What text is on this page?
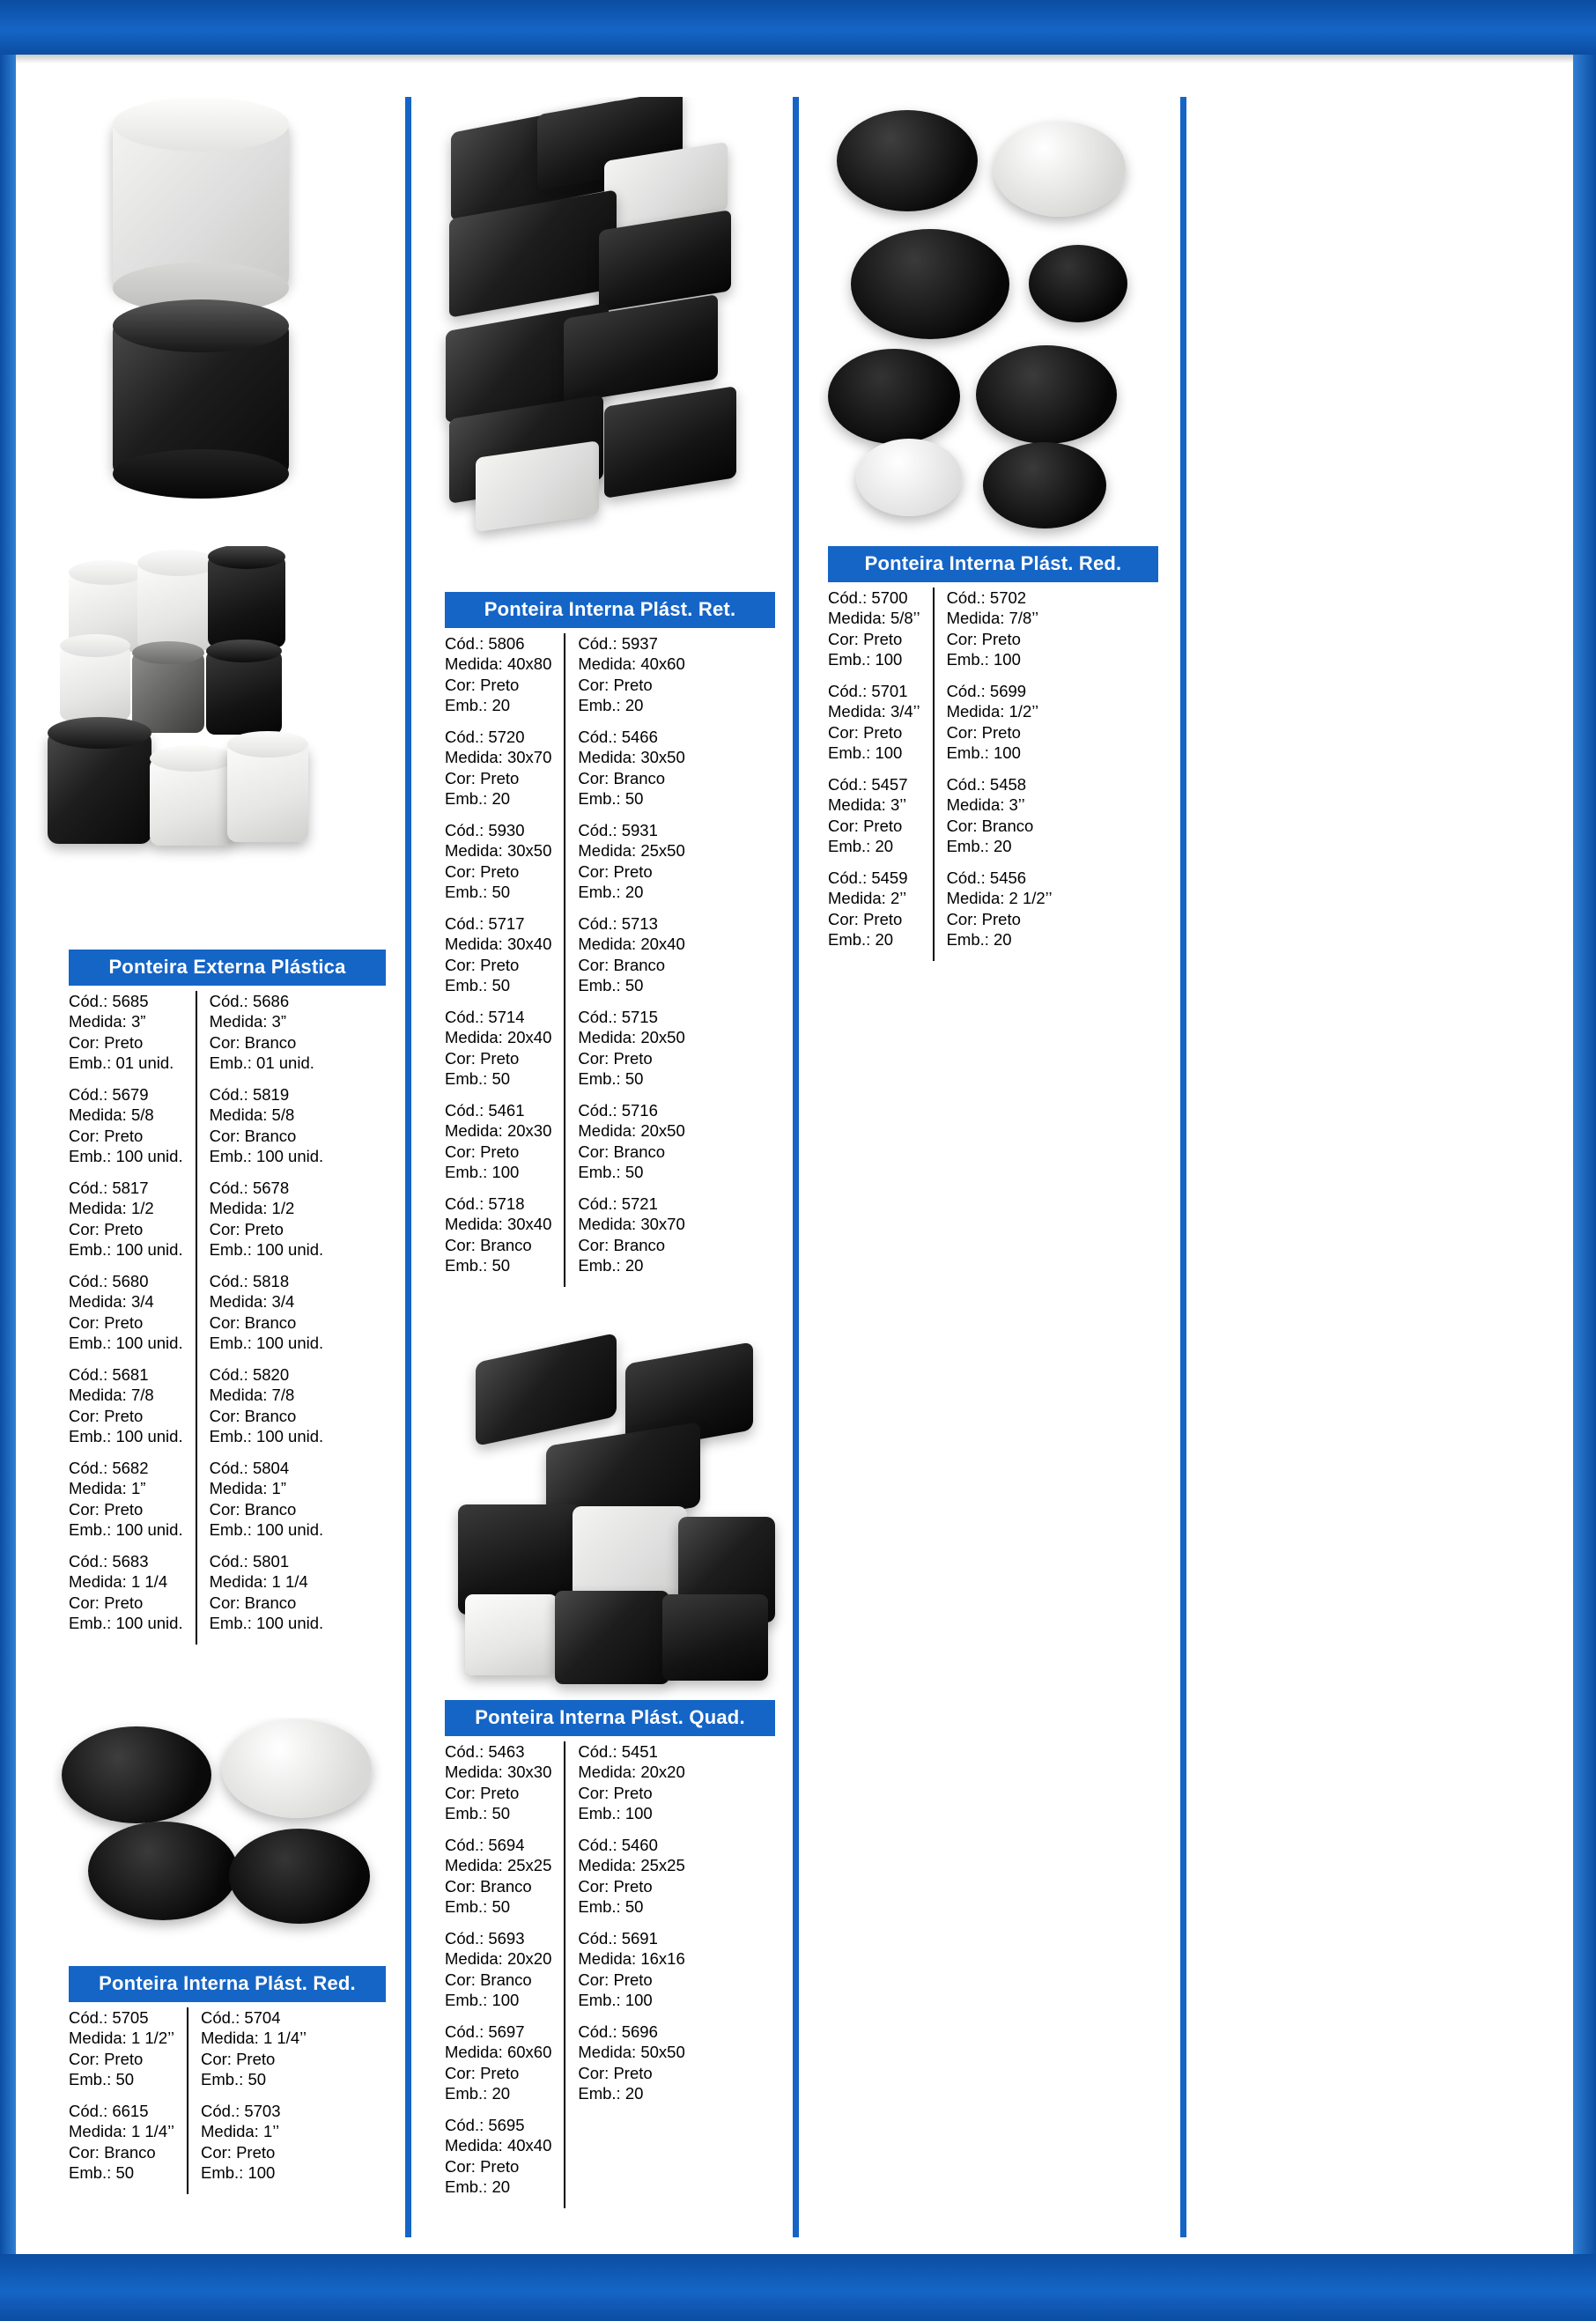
Ponteira Externa Plástica
Cód.: 5685
Medida: 3”
Cor: Preto
Emb.: 01 unid.
Cód.: 5679
Medida: 5/8
Cor: Preto
Emb.: 100 unid.
Cód.: 5817
Medida: 1/2
Cor: Preto
Emb.: 100 unid.
Cód.: 5680
Medida: 3/4
Cor: Preto
Emb.: 100 unid.
Cód.: 5681
Medida: 7/8
Cor: Preto
Emb.: 100 unid.
Cód.: 5682
Medida: 1”
Cor: Preto
Emb.: 100 unid.
Cód.: 5683
Medida: 1 1/4
Cor: Preto
Emb.: 100 unid.
Cód.: 5686
Medida: 3”
Cor: Branco
Emb.: 01 unid.
Cód.: 5819
Medida: 5/8
Cor: Branco
Emb.: 100 unid.
Cód.: 5678
Medida: 1/2
Cor: Preto
Emb.: 100 unid.
Cód.: 5818
Medida: 3/4
Cor: Branco
Emb.: 100 unid.
Cód.: 5820
Medida: 7/8
Cor: Branco
Emb.: 100 unid.
Cód.: 5804
Medida: 1”
Cor: Branco
Emb.: 100 unid.
Cód.: 5801
Medida: 1 1/4
Cor: Branco
Emb.: 100 unid.
Ponteira Interna Plást. Red.
Cód.: 5705
Medida: 1 1/2’’
Cor: Preto
Emb.: 50
Cód.: 6615
Medida: 1 1/4’’
Cor: Branco
Emb.: 50
Cód.: 5704
Medida: 1 1/4’’
Cor: Preto
Emb.: 50
Cód.: 5703
Medida: 1’’
Cor: Preto
Emb.: 100
Ponteira Interna Plást. Ret.
Cód.: 5806
Medida: 40x80
Cor: Preto
Emb.: 20
Cód.: 5720
Medida: 30x70
Cor: Preto
Emb.: 20
Cód.: 5930
Medida: 30x50
Cor: Preto
Emb.: 50
Cód.: 5717
Medida: 30x40
Cor: Preto
Emb.: 50
Cód.: 5714
Medida: 20x40
Cor: Preto
Emb.: 50
Cód.: 5461
Medida: 20x30
Cor: Preto
Emb.: 100
Cód.: 5718
Medida: 30x40
Cor: Branco
Emb.: 50
Cód.: 5937
Medida: 40x60
Cor: Preto
Emb.: 20
Cód.: 5466
Medida: 30x50
Cor: Branco
Emb.: 50
Cód.: 5931
Medida: 25x50
Cor: Preto
Emb.: 20
Cód.: 5713
Medida: 20x40
Cor: Branco
Emb.: 50
Cód.: 5715
Medida: 20x50
Cor: Preto
Emb.: 50
Cód.: 5716
Medida: 20x50
Cor: Branco
Emb.: 50
Cód.: 5721
Medida: 30x70
Cor: Branco
Emb.: 20
Ponteira Interna Plást. Quad.
Cód.: 5463
Medida: 30x30
Cor: Preto
Emb.: 50
Cód.: 5694
Medida: 25x25
Cor: Branco
Emb.: 50
Cód.: 5693
Medida: 20x20
Cor: Branco
Emb.: 100
Cód.: 5697
Medida: 60x60
Cor: Preto
Emb.: 20
Cód.: 5695
Medida: 40x40
Cor: Preto
Emb.: 20
Cód.: 5451
Medida: 20x20
Cor: Preto
Emb.: 100
Cód.: 5460
Medida: 25x25
Cor: Preto
Emb.: 50
Cód.: 5691
Medida: 16x16
Cor: Preto
Emb.: 100
Cód.: 5696
Medida: 50x50
Cor: Preto
Emb.: 20
Ponteira Interna Plást. Red.
Cód.: 5700
Medida: 5/8’’
Cor: Preto
Emb.: 100
Cód.: 5701
Medida: 3/4’’
Cor: Preto
Emb.: 100
Cód.: 5457
Medida: 3’’
Cor: Preto
Emb.: 20
Cód.: 5459
Medida: 2’’
Cor: Preto
Emb.: 20
Cód.: 5702
Medida: 7/8’’
Cor: Preto
Emb.: 100
Cód.: 5699
Medida: 1/2’’
Cor: Preto
Emb.: 100
Cód.: 5458
Medida: 3’’
Cor: Branco
Emb.: 20
Cód.: 5456
Medida: 2 1/2’’
Cor: Preto
Emb.: 20
